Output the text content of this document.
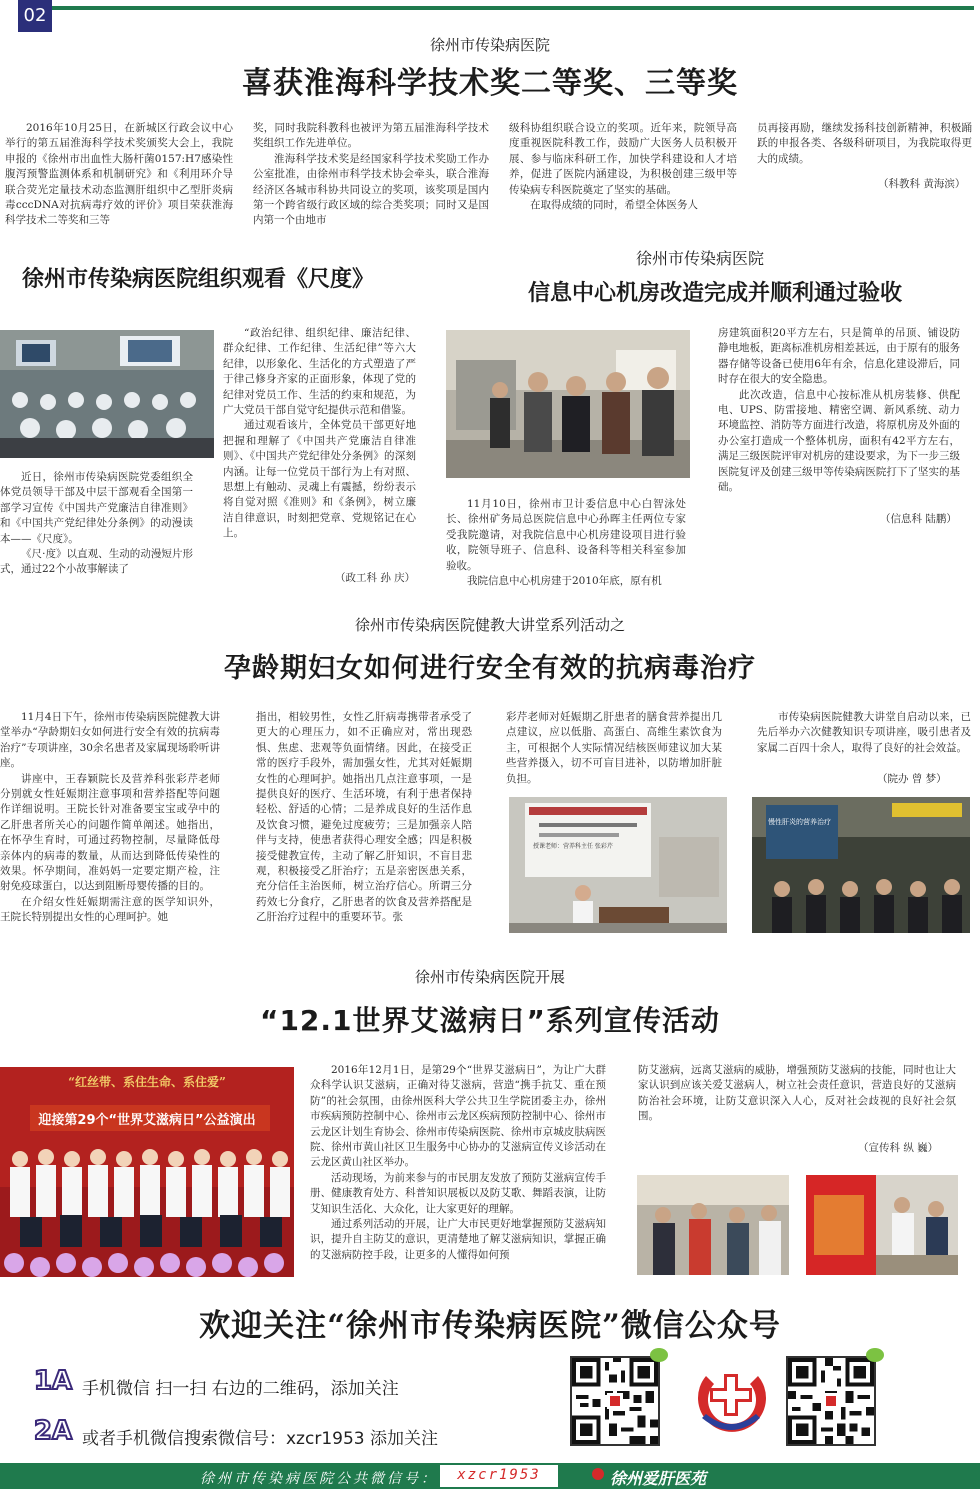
02
徐州市传染病医院
喜获淮海科学技术奖二等奖、三等奖

2016年10月25日，在新城区行政会议中心举行的第五届淮海科学技术奖颁奖大会上，我院申报的《徐州市出血性大肠杆菌0157:H7感染性腹泻预警监测体系和机制研究》和《利用环介导联合荧光定量技术动态监测肝组织中乙型肝炎病毒cccDNA对抗病毒疗效的评价》项目荣获淮海科学技术二等奖和三等

奖，同时我院科教科也被评为第五届淮海科学技术奖组织工作先进单位。

淮海科学技术奖是经国家科学技术奖励工作办公室批准，由徐州市科学技术协会牵头，联合淮海经济区各城市科协共同设立的奖项，该奖项是国内第一个跨省级行政区域的综合类奖项；同时又是国内第一个由地市

级科协组织联合设立的奖项。近年来，院领导高度重视医院科教工作，鼓励广大医务人员积极开展、参与临床科研工作，加快学科建设和人才培养，促进了医院内涵建设，为积极创建三级甲等传染病专科医院奠定了坚实的基础。

在取得成绩的同时，希望全体医务人

员再接再励，继续发扬科技创新精神，积极踊跃的申报各类、各级科研项目，为我院取得更大的成绩。

（科教科 黄海滨）
徐州市传染病医院组织观看《尺度》

近日，徐州市传染病医院党委组织全体党员领导干部及中层干部观看全国第一部学习宣传《中国共产党廉洁自律准则》和《中国共产党纪律处分条例》的动漫读本——《尺度》。

《尺·度》以直观、生动的动漫短片形式，通过22个小故事解读了

“政治纪律、组织纪律、廉洁纪律、群众纪律、工作纪律、生活纪律”等六大纪律，以形象化、生活化的方式塑造了严于律己修身齐家的正面形象，体现了党的纪律对党员工作、生活的约束和规范，为广大党员干部自觉守纪提供示范和借鉴。

通过观看该片，全体党员干部更好地把握和理解了《中国共产党廉洁自律准则》、《中国共产党纪律处分条例》的深刻内涵。让每一位党员干部行为上有对照、思想上有触动、灵魂上有震撼，纷纷表示将自觉对照《准则》和《条例》，树立廉洁自律意识，时刻把党章、党规铭记在心上。

（政工科 孙 庆）
徐州市传染病医院
信息中心机房改造完成并顺利通过验收

11月10日，徐州市卫计委信息中心白智泳处长、徐州矿务局总医院信息中心孙晖主任两位专家受我院邀请，对我院信息中心机房建设项目进行验收，院领导班子、信息科、设备科等相关科室参加验收。

我院信息中心机房建于2010年底，原有机

房建筑面积20平方左右，只是简单的吊顶、铺设防静电地板，距离标准机房相差甚远，由于原有的服务器存储等设备已使用6年有余，信息化建设滞后，同时存在很大的安全隐患。

此次改造，信息中心按标准从机房装修、供配电、UPS、防雷接地、精密空调、新风系统、动力环境监控、消防等方面进行改造，将原机房及外面的办公室打造成一个整体机房，面积有42平方左右，满足三级医院评审对机房的建设要求，为下一步三级医院复评及创建三级甲等传染病医院打下了坚实的基础。

（信息科 陆鹏）
徐州市传染病医院健教大讲堂系列活动之
孕龄期妇女如何进行安全有效的抗病毒治疗

11月4日下午，徐州市传染病医院健教大讲堂举办“孕龄期妇女如何进行安全有效的抗病毒治疗”专项讲座，30余名患者及家属现场聆听讲座。

讲座中，王春颖院长及营养科张彩芹老师分别就女性妊娠期注意事项和营养搭配等问题作详细说明。王院长针对准备要宝宝或孕中的乙肝患者所关心的问题作简单阐述。她指出，在怀孕生育时，可通过药物控制，尽量降低母亲体内的病毒的数量，从而达到降低传染性的效果。怀孕期间，准妈妈一定要定期产检，注射免疫球蛋白，以达到阻断母婴传播的目的。

在介绍女性妊娠期需注意的医学知识外，王院长特别提出女性的心理呵护。她

指出，相较男性，女性乙肝病毒携带者承受了更大的心理压力，如不正确应对，常出现恐惧、焦虑、悲观等负面情绪。因此，在接受正常的医疗手段外，需加强女性，尤其对妊娠期女性的心理呵护。她指出几点注意事项，一是提供良好的医疗、生活环境，有利于患者保持轻松、舒适的心情；二是养成良好的生活作息及饮食习惯，避免过度疲劳；三是加强亲人陪伴与支持，使患者获得心理安全感；四是积极接受健教宣传，主动了解乙肝知识，不盲目悲观，积极接受乙肝治疗；五是亲密医患关系，充分信任主治医师，树立治疗信心。所谓三分药效七分食疗，乙肝患者的饮食及营养搭配是乙肝治疗过程中的重要环节。张

彩芹老师对妊娠期乙肝患者的膳食营养提出几点建议，应以低脂、高蛋白、高维生素饮食为主，可根据个人实际情况结核医师建议加大某些营养摄入，切不可盲目进补，以防增加肝脏负担。

市传染病医院健教大讲堂自启动以来，已先后举办六次健教知识专项讲座，吸引患者及家属二百四十余人，取得了良好的社会效益。

（院办 曾 梦）
授课老师：营养科主任 张彩芹
慢性肝炎的营养治疗
徐州市传染病医院开展
“12.1世界艾滋病日”系列宣传活动
“红丝带、系住生命、系住爱”
迎接第29个“世界艾滋病日”公益演出

2016年12月1日，是第29个“世界艾滋病日”，为让广大群众科学认识艾滋病，正确对待艾滋病，营造“携手抗艾、重在预防”的社会氛围，由徐州医科大学公共卫生学院团委主办，徐州市疾病预防控制中心、徐州市云龙区疾病预防控制中心、徐州市云龙区计划生育协会、徐州市传染病医院、徐州市京城皮肤病医院、徐州市黄山社区卫生服务中心协办的艾滋病宣传义诊活动在云龙区黄山社区举办。

活动现场，为前来参与的市民朋友发放了预防艾滋病宣传手册、健康教育处方、科普知识展板以及防艾歌、舞蹈表演，让防艾知识生活化、大众化，让大家更好的理解。

通过系列活动的开展，让广大市民更好地掌握预防艾滋病知识，提升自主防艾的意识，更清楚地了解艾滋病知识，掌握正确的艾滋病防控手段，让更多的人懂得如何预

防艾滋病，远离艾滋病的威胁，增强预防艾滋病的技能，同时也让大家认识到应该关爱艾滋病人，树立社会责任意识，营造良好的艾滋病防治社会环境，让防艾意识深入人心，反对社会歧视的良好社会氛围。

（宣传科 纵 巍）
欢迎关注“徐州市传染病医院”微信公众号
1A 手机微信 扫一扫 右边的二维码，添加关注
2A 或者手机微信搜索微信号：xzcr1953 添加关注
徐州市传染病医院公共微信号：	xzcr1953	徐州爱肝医苑
